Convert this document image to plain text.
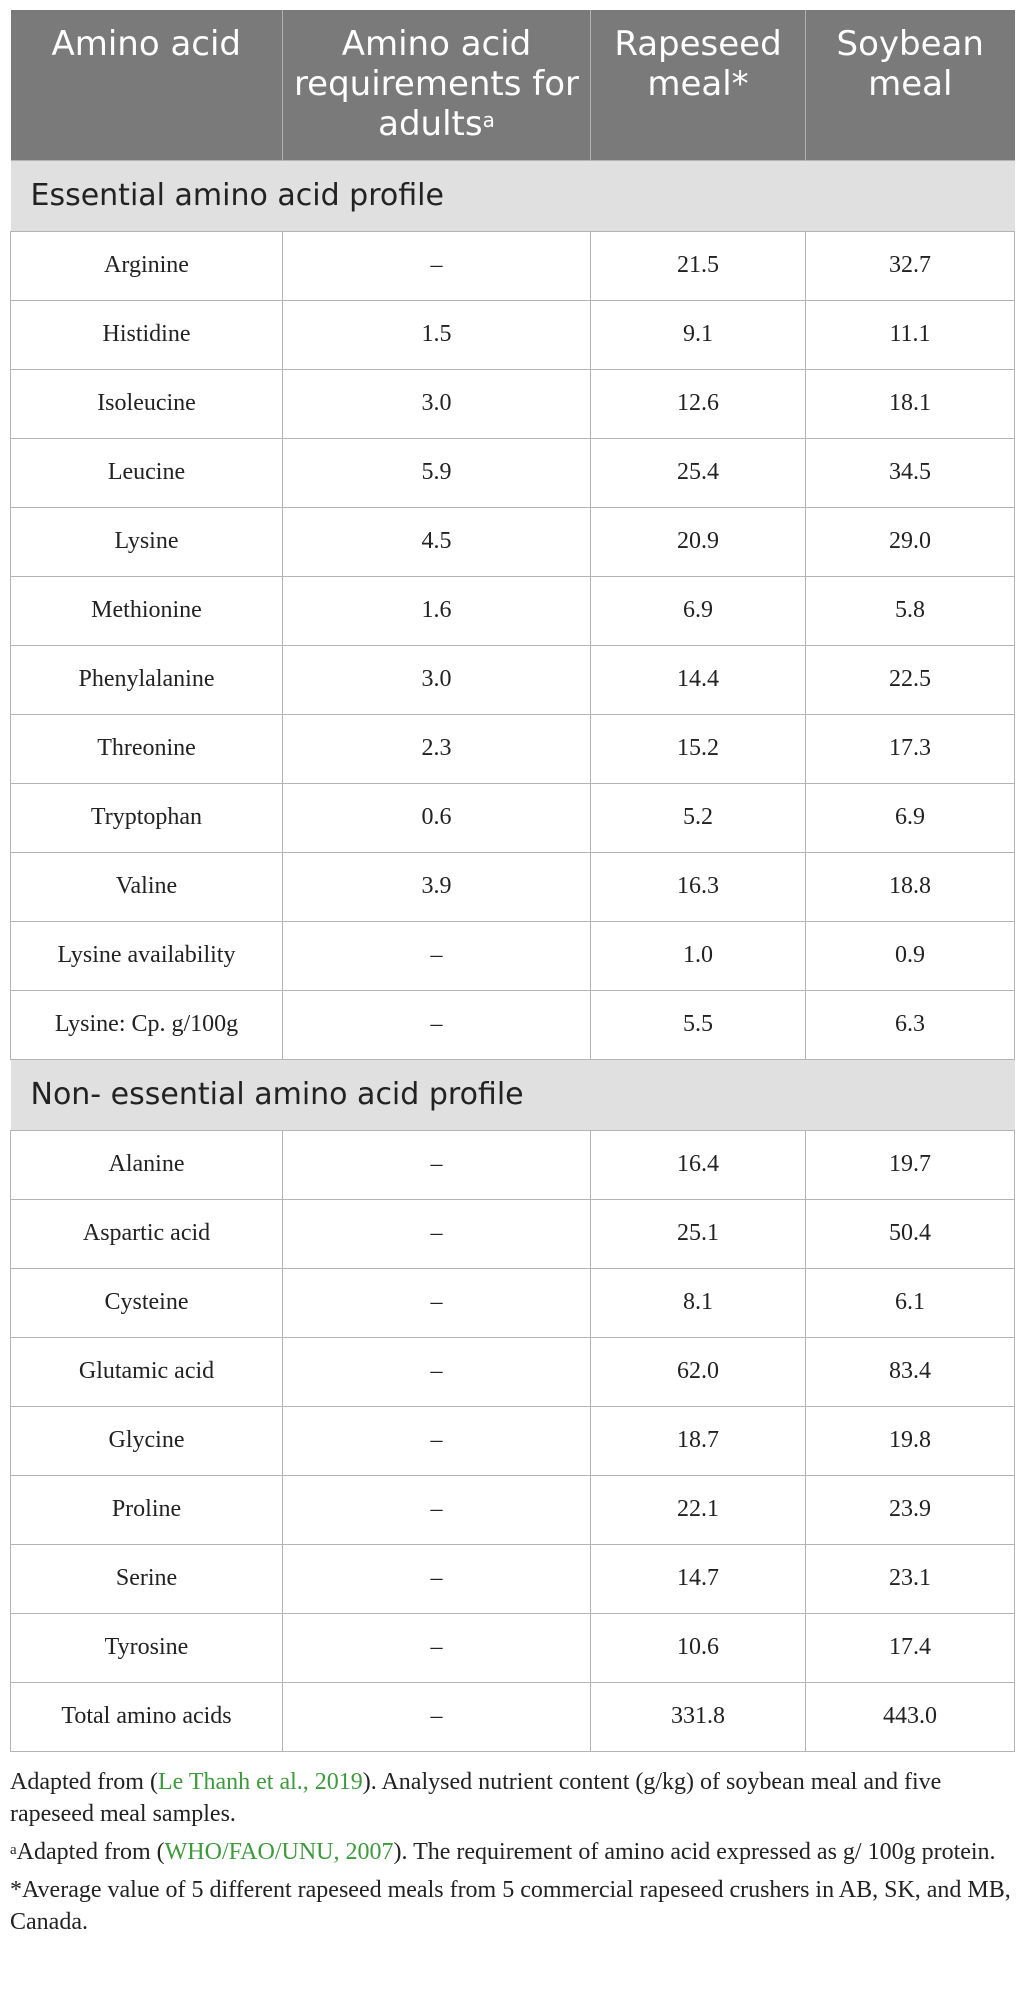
Amino acid	Amino acid requirements for adults$^a$	Rapeseed meal*	Soybean meal
Essential amino acid profile			
Arginine	–	21.5	32.7
Histidine	1.5	9.1	11.1
Isoleucine	3.0	12.6	18.1
Leucine	5.9	25.4	34.5
Lysine	4.5	20.9	29.0
Methionine	1.6	6.9	5.8
Phenylalanine	3.0	14.4	22.5
Threonine	2.3	15.2	17.3
Tryptophan	0.6	5.2	6.9
Valine	3.9	16.3	18.8
Lysine availability	–	1.0	0.9
Lysine: Cp. g/100g	–	5.5	6.3
Non- essential amino acid profile			
Alanine	–	16.4	19.7
Aspartic acid	–	25.1	50.4
Cysteine	–	8.1	6.1
Glutamic acid	–	62.0	83.4
Glycine	–	18.7	19.8
Proline	–	22.1	23.9
Serine	–	14.7	23.1
Tyrosine	–	10.6	17.4
Total amino acids	–	331.8	443.0

Adapted from (Le Thanh et al., 2019). Analysed nutrient content (g/kg) of soybean meal and five rapeseed meal samples.

$^a$Adapted from (WHO/FAO/UNU, 2007). The requirement of amino acid expressed as g/ 100g protein.

*Average value of 5 different rapeseed meals from 5 commercial rapeseed crushers in AB, SK, and MB, Canada.
